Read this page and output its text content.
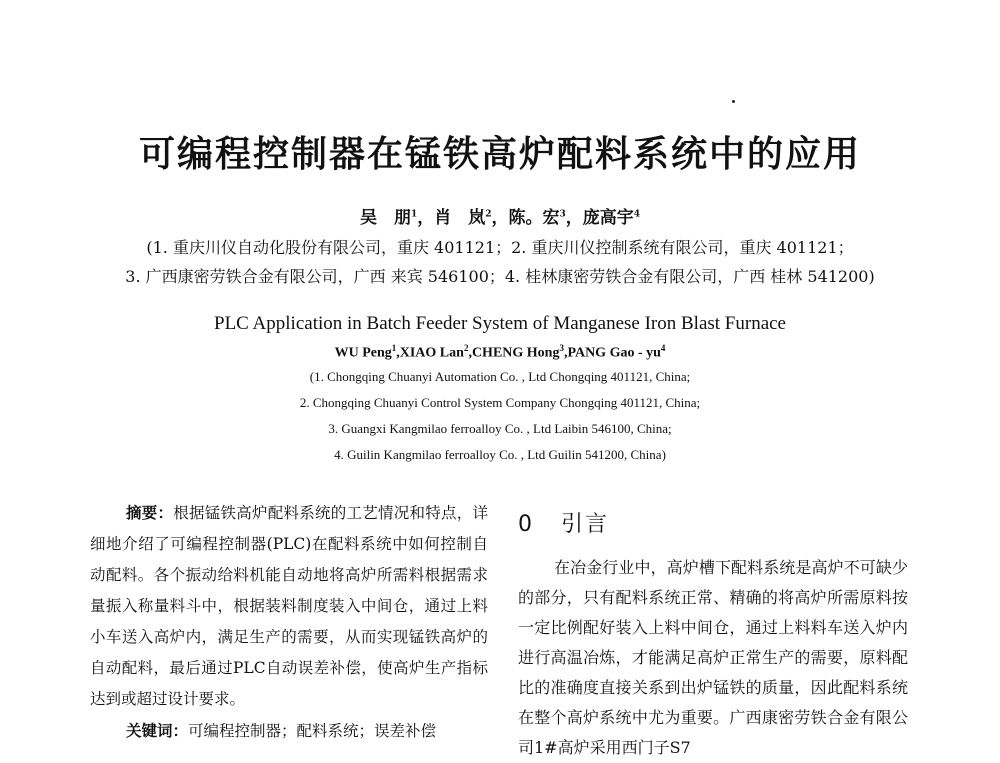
可编程控制器在锰铁高炉配料系统中的应用
吴　朋$^1$，肖　岚$^2$，陈。宏$^3$，庞高宇$^4$
(1. 重庆川仪自动化股份有限公司，重庆 401121；2. 重庆川仪控制系统有限公司，重庆 401121；
3. 广西康密劳铁合金有限公司，广西 来宾 546100；4. 桂林康密劳铁合金有限公司，广西 桂林 541200)
PLC Application in Batch Feeder System of Manganese Iron Blast Furnace
WU Peng$^1$,XIAO Lan$^2$,CHENG Hong$^3$,PANG Gao - $yu^4$
(1. Chongqing Chuanyi Automation Co. , Ltd Chongqing 401121, China;
2. Chongqing Chuanyi Control System Company Chongqing 401121, China;
3. Guangxi Kangmilao ferroalloy Co. , Ltd Laibin 546100, China;
4. Guilin Kangmilao ferroalloy Co. , Ltd Guilin 541200, China)
摘要：根据锰铁高炉配料系统的工艺情况和特点，详细地介绍了可编程控制器(PLC)在配料系统中如何控制自动配料。各个振动给料机能自动地将高炉所需料根据需求量振入称量料斗中，根据装料制度装入中间仓，通过上料小车送入高炉内，满足生产的需要，从而实现锰铁高炉的自动配料，最后通过PLC自动误差补偿，使高炉生产指标达到或超过设计要求。
关键词：可编程控制器；配料系统；误差补偿
0 引言
在冶金行业中，高炉槽下配料系统是高炉不可缺少的部分，只有配料系统正常、精确的将高炉所需原料按一定比例配好装入上料中间仓，通过上料料车送入炉内进行高温冶炼，才能满足高炉正常生产的需要，原料配比的准确度直接关系到出炉锰铁的质量，因此配料系统在整个高炉系统中尤为重要。广西康密劳铁合金有限公司1#高炉采用西门子S7
